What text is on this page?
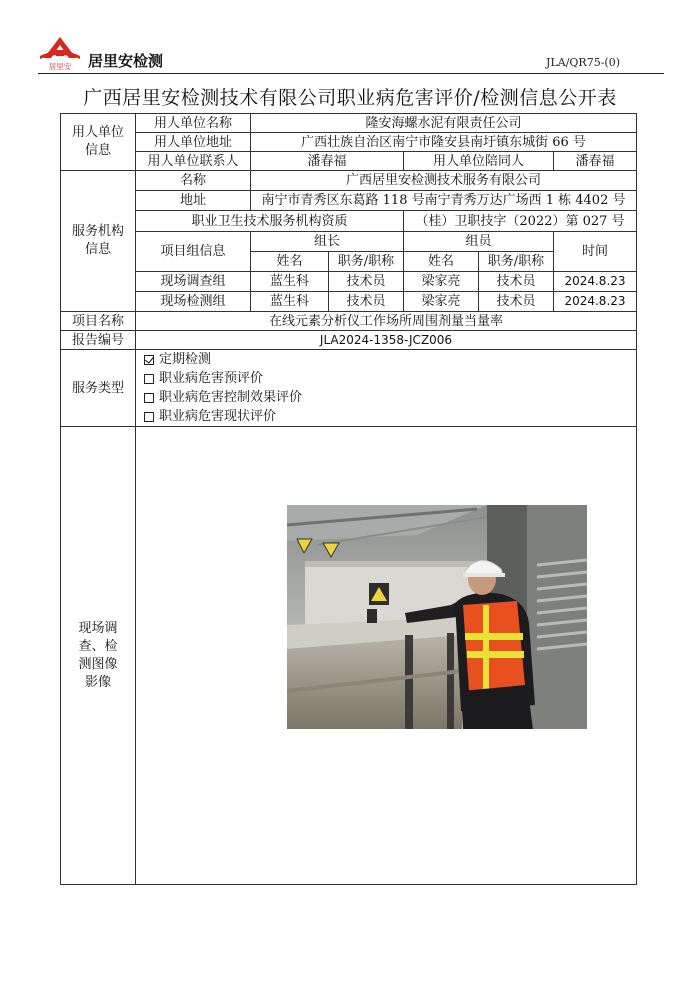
居里安 居里安检测	JLA/QR75-(0)
广西居里安检测技术有限公司职业病危害评价/检测信息公开表
用人单位信息	用人单位名称	隆安海螺水泥有限责任公司				
	用人单位地址	广西壮族自治区南宁市隆安县南圩镇东城街 66 号				
	用人单位联系人	潘春福		用人单位陪同人		潘春福
服务机构信息	名称	广西居里安检测技术服务有限公司				
	地址	南宁市青秀区东葛路 118 号南宁青秀万达广场西 1 栋 4402 号				
	职业卫生技术服务机构资质			（桂）卫职技字（2022）第 027 号		
	项目组信息	组长		组员		时间
		姓名	职务/职称	姓名	职务/职称	
	现场调查组	蓝生科	技术员	梁家亮	技术员	2024.8.23
	现场检测组	蓝生科	技术员	梁家亮	技术员	2024.8.23
项目名称	在线元素分析仪工作场所周围剂量当量率					
报告编号	JLA2024-1358-JCZ006					
服务类型	定期检测
职业病危害预评价
职业病危害控制效果评价
职业病危害现状评价					

现场调查、检测图像影像	
